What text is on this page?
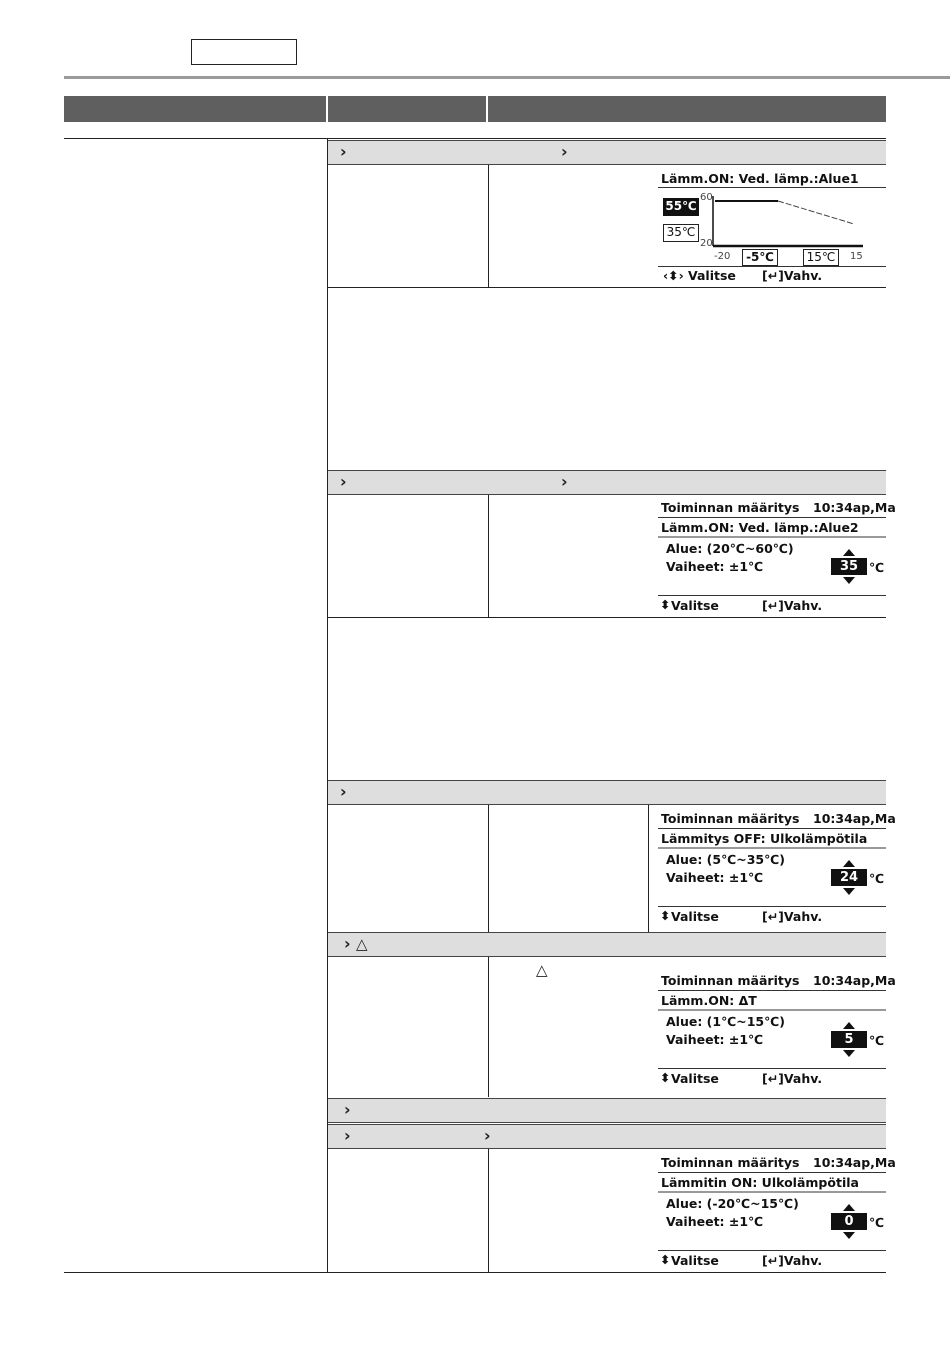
›	›
Lämm.ON: Ved. lämp.:Alue1
55℃
35℃
60
20
-20	-5℃	15℃	15
‹⬍› Valitse [↵]Vahv.
›	›
Toiminnan määritys 10:34ap,Ma
Lämm.ON: Ved. lämp.:Alue2
Alue: (20℃~60℃)
Vaiheet: ±1℃	35 ℃
⬍ Valitse	[↵]Vahv.
›
Toiminnan määritys 10:34ap,Ma
Lämmitys OFF: Ulkolämpötila
Alue: (5℃~35℃)
Vaiheet: ±1℃	24 ℃
⬍ Valitse	[↵]Vahv.
› △
△
Toiminnan määritys 10:34ap,Ma
Lämm.ON: ΔT
Alue: (1℃~15℃)
Vaiheet: ±1℃	5	℃
⬍ Valitse	[↵]Vahv.
›
›	›
Toiminnan määritys 10:34ap,Ma
Lämmitin ON: Ulkolämpötila
Alue: (-20℃~15℃)
Vaiheet: ±1℃	0	℃
⬍ Valitse	[↵]Vahv.
